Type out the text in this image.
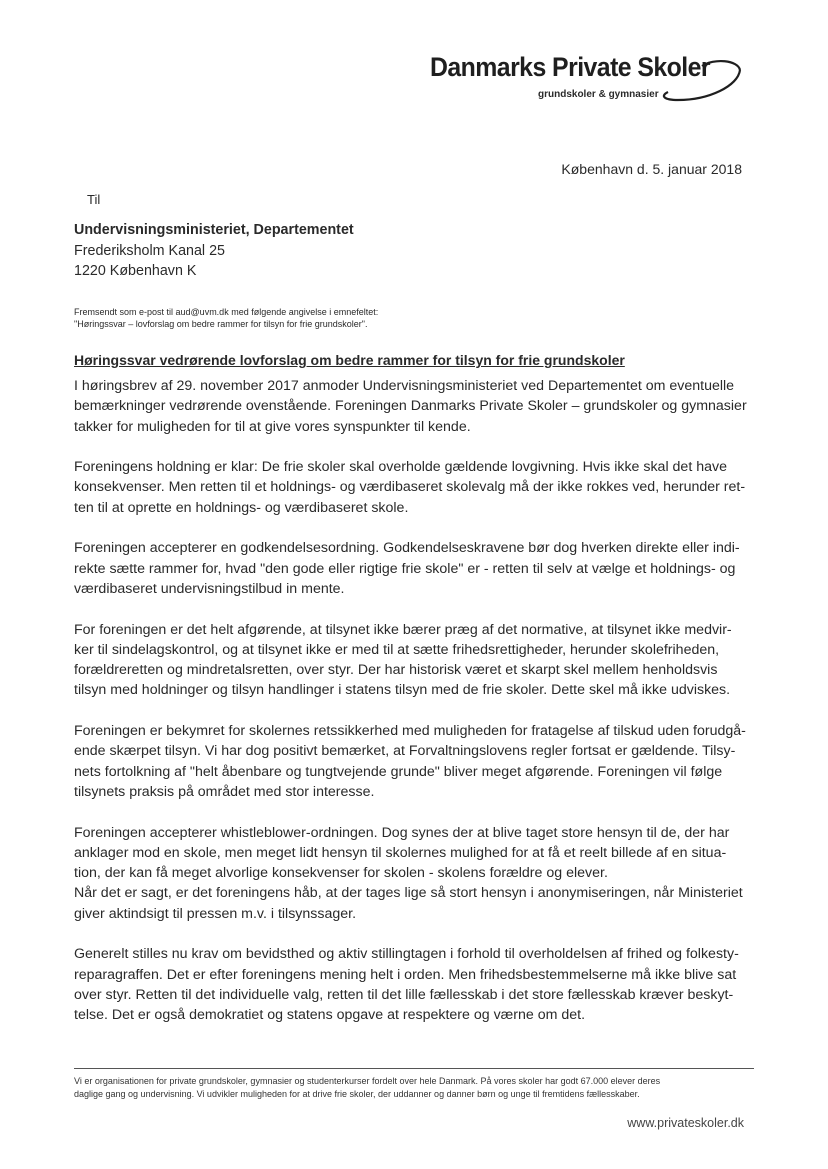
Danmarks Private Skoler
grundskoler & gymnasier
København d. 5. januar 2018
Til
Undervisningsministeriet, Departementet
Frederiksholm Kanal 25
1220 København K
Fremsendt som e-post til aud@uvm.dk med følgende angivelse i emnefeltet:
"Høringssvar – lovforslag om bedre rammer for tilsyn for frie grundskoler".
Høringssvar vedrørende lovforslag om bedre rammer for tilsyn for frie grundskoler

I høringsbrev af 29. november 2017 anmoder Undervisningsministeriet ved Departementet om eventuelle
bemærkninger vedrørende ovenstående. Foreningen Danmarks Private Skoler – grundskoler og gymnasier
takker for muligheden for til at give vores synspunkter til kende.

Foreningens holdning er klar: De frie skoler skal overholde gældende lovgivning. Hvis ikke skal det have
konsekvenser. Men retten til et holdnings- og værdibaseret skolevalg må der ikke rokkes ved, herunder ret-
ten til at oprette en holdnings- og værdibaseret skole.

Foreningen accepterer en godkendelsesordning. Godkendelseskravene bør dog hverken direkte eller indi-
rekte sætte rammer for, hvad "den gode eller rigtige frie skole" er - retten til selv at vælge et holdnings- og
værdibaseret undervisningstilbud in mente.

For foreningen er det helt afgørende, at tilsynet ikke bærer præg af det normative, at tilsynet ikke medvir-
ker til sindelagskontrol, og at tilsynet ikke er med til at sætte frihedsrettigheder, herunder skolefriheden,
forældreretten og mindretalsretten, over styr. Der har historisk været et skarpt skel mellem henholdsvis
tilsyn med holdninger og tilsyn handlinger i statens tilsyn med de frie skoler. Dette skel må ikke udviskes.

Foreningen er bekymret for skolernes retssikkerhed med muligheden for fratagelse af tilskud uden forudgå-
ende skærpet tilsyn. Vi har dog positivt bemærket, at Forvaltningslovens regler fortsat er gældende. Tilsy-
nets fortolkning af "helt åbenbare og tungtvejende grunde" bliver meget afgørende. Foreningen vil følge
tilsynets praksis på området med stor interesse.

Foreningen accepterer whistleblower-ordningen. Dog synes der at blive taget store hensyn til de, der har
anklager mod en skole, men meget lidt hensyn til skolernes mulighed for at få et reelt billede af en situa-
tion, der kan få meget alvorlige konsekvenser for skolen - skolens forældre og elever.
Når det er sagt, er det foreningens håb, at der tages lige så stort hensyn i anonymiseringen, når Ministeriet
giver aktindsigt til pressen m.v. i tilsynssager.

Generelt stilles nu krav om bevidsthed og aktiv stillingtagen i forhold til overholdelsen af frihed og folkesty-
reparagraffen. Det er efter foreningens mening helt i orden. Men frihedsbestemmelserne må ikke blive sat
over styr. Retten til det individuelle valg, retten til det lille fællesskab i det store fællesskab kræver beskyt-
telse. Det er også demokratiet og statens opgave at respektere og værne om det.

Vi er organisationen for private grundskoler, gymnasier og studenterkurser fordelt over hele Danmark. På vores skoler har godt 67.000 elever deres
daglige gang og undervisning. Vi udvikler muligheden for at drive frie skoler, der uddanner og danner børn og unge til fremtidens fællesskaber.
www.privateskoler.dk
